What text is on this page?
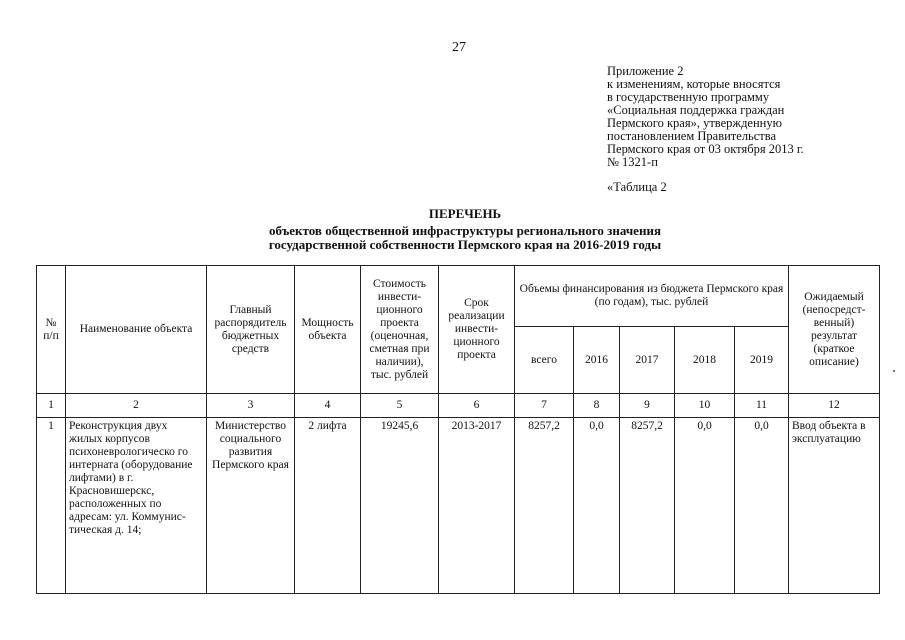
27
Приложение 2
к изменениям, которые вносятся
в государственную программу
«Социальная поддержка граждан
Пермского края», утвержденную
постановлением Правительства
Пермского края от 03 октября 2013 г.
№ 1321-п
«Таблица 2
ПЕРЕЧЕНЬ
объектов общественной инфраструктуры регионального значения
государственной собственности Пермского края на 2016-2019 годы
№ п/п	Наименование объекта	Главный распорядитель бюджетных средств	Мощность объекта	Стоимость инвести-ционного проекта (оценочная, сметная при наличии), тыс. рублей	Срок реализации инвести-ционного проекта	Объемы финансирования из бюджета Пермского края (по годам), тыс. рублей					Ожидаемый (непосредст-венный) результат (краткое описание)
						всего	2016	2017	2018	2019	
1	2	3	4	5	6	7	8	9	10	11	12
1	Реконструкция двух жилых корпусов психоневрологическо го интерната (оборудование лифтами) в г. Красновишерскс, расположенных по адресам: ул. Коммунис-тическая д. 14;	Министерство социального развития Пермского края	2 лифта	19245,6	2013-2017	8257,2	0,0	8257,2	0,0	0,0	Ввод объекта в эксплуатацию
